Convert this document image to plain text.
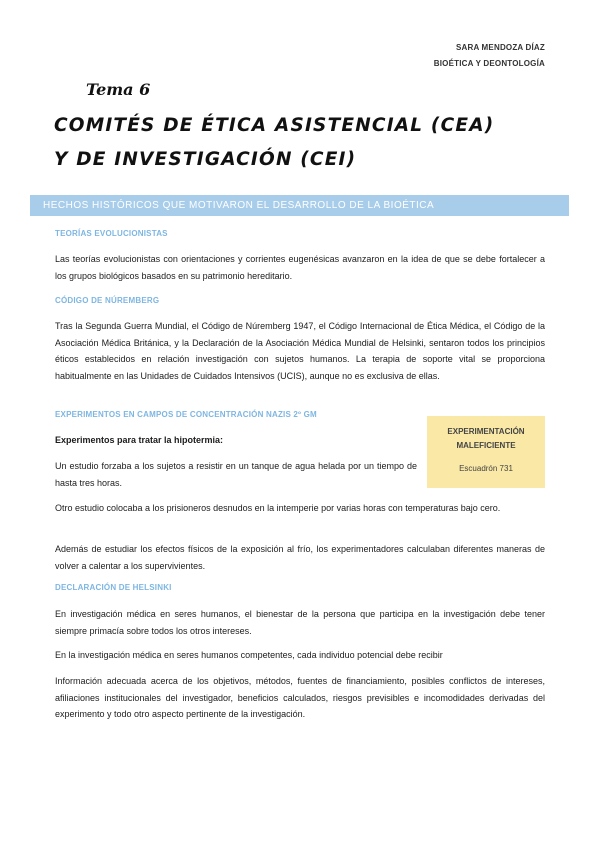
SARA MENDOZA DÍAZ
BIOÉTICA Y DEONTOLOGÍA
Tema 6
COMITÉS DE ÉTICA ASISTENCIAL (CEA)
Y DE INVESTIGACIÓN (CEI)
HECHOS HISTÓRICOS QUE MOTIVARON EL DESARROLLO DE LA BIOÉTICA
TEORÍAS EVOLUCIONISTAS
Las teorías evolucionistas con orientaciones y corrientes eugenésicas avanzaron en la idea de que se debe fortalecer a los grupos biológicos basados en su patrimonio hereditario.
CÓDIGO DE NÚREMBERG
Tras la Segunda Guerra Mundial, el Código de Núremberg 1947, el Código Internacional de Ética Médica, el Código de la Asociación Médica Británica, y la Declaración de la Asociación Médica Mundial de Helsinki, sentaron todos los principios éticos establecidos en relación investigación con sujetos humanos. La terapia de soporte vital se proporciona habitualmente en las Unidades de Cuidados Intensivos (UCIS), aunque no es exclusiva de ellas.
EXPERIMENTOS EN CAMPOS DE CONCENTRACIÓN NAZIS 2º GM
Experimentos para tratar la hipotermia:
Un estudio forzaba a los sujetos a resistir en un tanque de agua helada por un tiempo de hasta tres horas.
Otro estudio colocaba a los prisioneros desnudos en la intemperie por varias horas con temperaturas bajo cero.
Además de estudiar los efectos físicos de la exposición al frío, los experimentadores calculaban diferentes maneras de volver a calentar a los supervivientes.
EXPERIMENTACIÓN
MALEFICIENTE
Escuadrón 731
DECLARACIÓN DE HELSINKI
En investigación médica en seres humanos, el bienestar de la persona que participa en la investigación debe tener siempre primacía sobre todos los otros intereses.
En la investigación médica en seres humanos competentes, cada individuo potencial debe recibir
Información adecuada acerca de los objetivos, métodos, fuentes de financiamiento, posibles conflictos de intereses, afiliaciones institucionales del investigador, beneficios calculados, riesgos previsibles e incomodidades derivadas del experimento y todo otro aspecto pertinente de la investigación.
